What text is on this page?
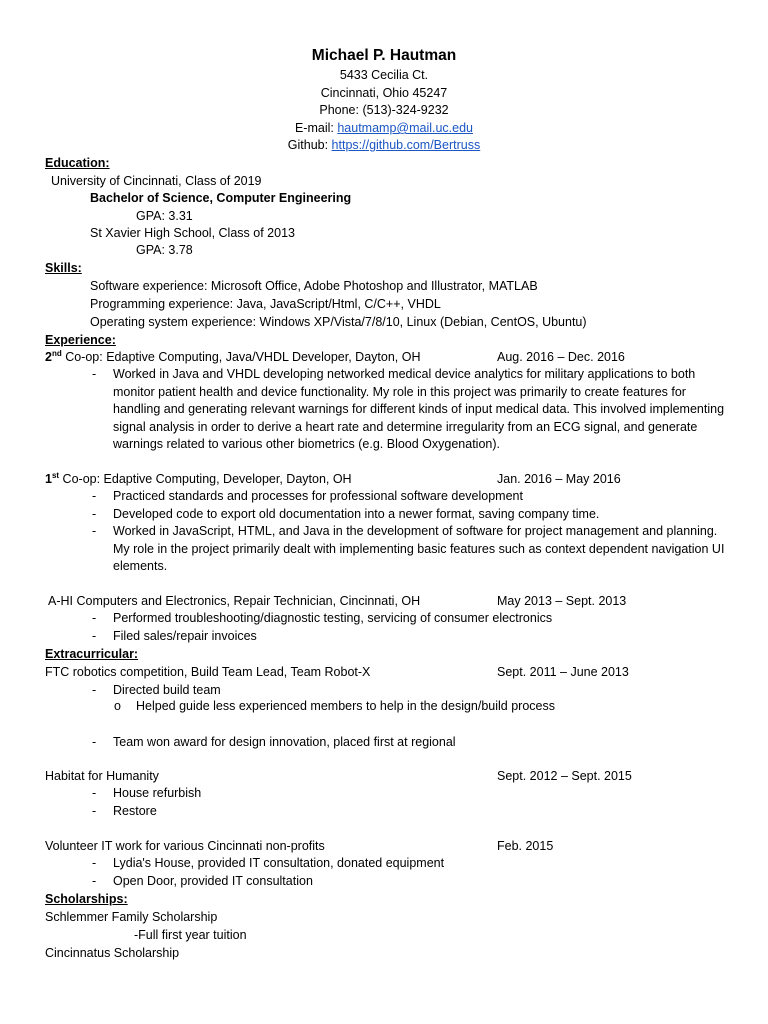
Michael P. Hautman
5433 Cecilia Ct.
Cincinnati, Ohio 45247
Phone: (513)-324-9232
E-mail: hautmamp@mail.uc.edu
Github: https://github.com/Bertruss
Education:
University of Cincinnati, Class of 2019
Bachelor of Science, Computer Engineering
GPA: 3.31
St Xavier High School, Class of 2013
GPA: 3.78
Skills:
Software experience: Microsoft Office, Adobe Photoshop and Illustrator, MATLAB
Programming experience: Java, JavaScript/Html, C/C++, VHDL
Operating system experience: Windows XP/Vista/7/8/10, Linux (Debian, CentOS, Ubuntu)
Experience:
2nd Co-op: Edaptive Computing, Java/VHDL Developer, Dayton, OH	Aug. 2016 – Dec. 2016
- Worked in Java and VHDL developing networked medical device analytics for military applications to both monitor patient health and device functionality. My role in this project was primarily to create features for handling and generating relevant warnings for different kinds of input medical data. This involved implementing signal analysis in order to derive a heart rate and determine irregularity from an ECG signal, and generate warnings related to various other biometrics (e.g. Blood Oxygenation).
1st Co-op: Edaptive Computing, Developer, Dayton, OH	Jan. 2016 – May 2016
- Practiced standards and processes for professional software development
- Developed code to export old documentation into a newer format, saving company time.
- Worked in JavaScript, HTML, and Java in the development of software for project management and planning. My role in the project primarily dealt with implementing basic features such as context dependent navigation UI elements.
A-HI Computers and Electronics, Repair Technician, Cincinnati, OH	May 2013 – Sept. 2013
- Performed troubleshooting/diagnostic testing, servicing of consumer electronics
- Filed sales/repair invoices
Extracurricular:
FTC robotics competition, Build Team Lead, Team Robot-X	Sept. 2011 – June 2013
- Directed build team
o Helped guide less experienced members to help in the design/build process
- Team won award for design innovation, placed first at regional
Habitat for Humanity	Sept. 2012 – Sept. 2015
- House refurbish
- Restore
Volunteer IT work for various Cincinnati non-profits	Feb. 2015
- Lydia's House, provided IT consultation, donated equipment
- Open Door, provided IT consultation
Scholarships:
Schlemmer Family Scholarship
-Full first year tuition
Cincinnatus Scholarship
